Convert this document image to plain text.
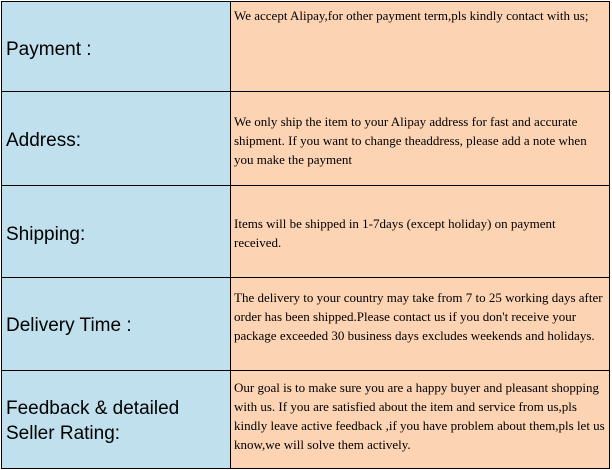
Payment :	We accept Alipay,for other payment term,pls kindly contact with us;

Address:	We only ship the item to your Alipay address for fast and accurate shipment. If you want to change theaddress, please add a note when you make the payment

Shipping:	Items will be shipped in 1-7days (except holiday) on payment received.

Delivery Time :	The delivery to your country may take from 7 to 25 working days after order has been shipped.Please contact us if you don't receive your package exceeded 30 business days excludes weekends and holidays.

Feedback & detailed
Seller Rating:	Our goal is to make sure you are a happy buyer and pleasant shopping with us. If you are satisfied about the item and service from us,pls kindly leave active feedback ,if you have problem about them,pls let us know,we will solve them actively.
